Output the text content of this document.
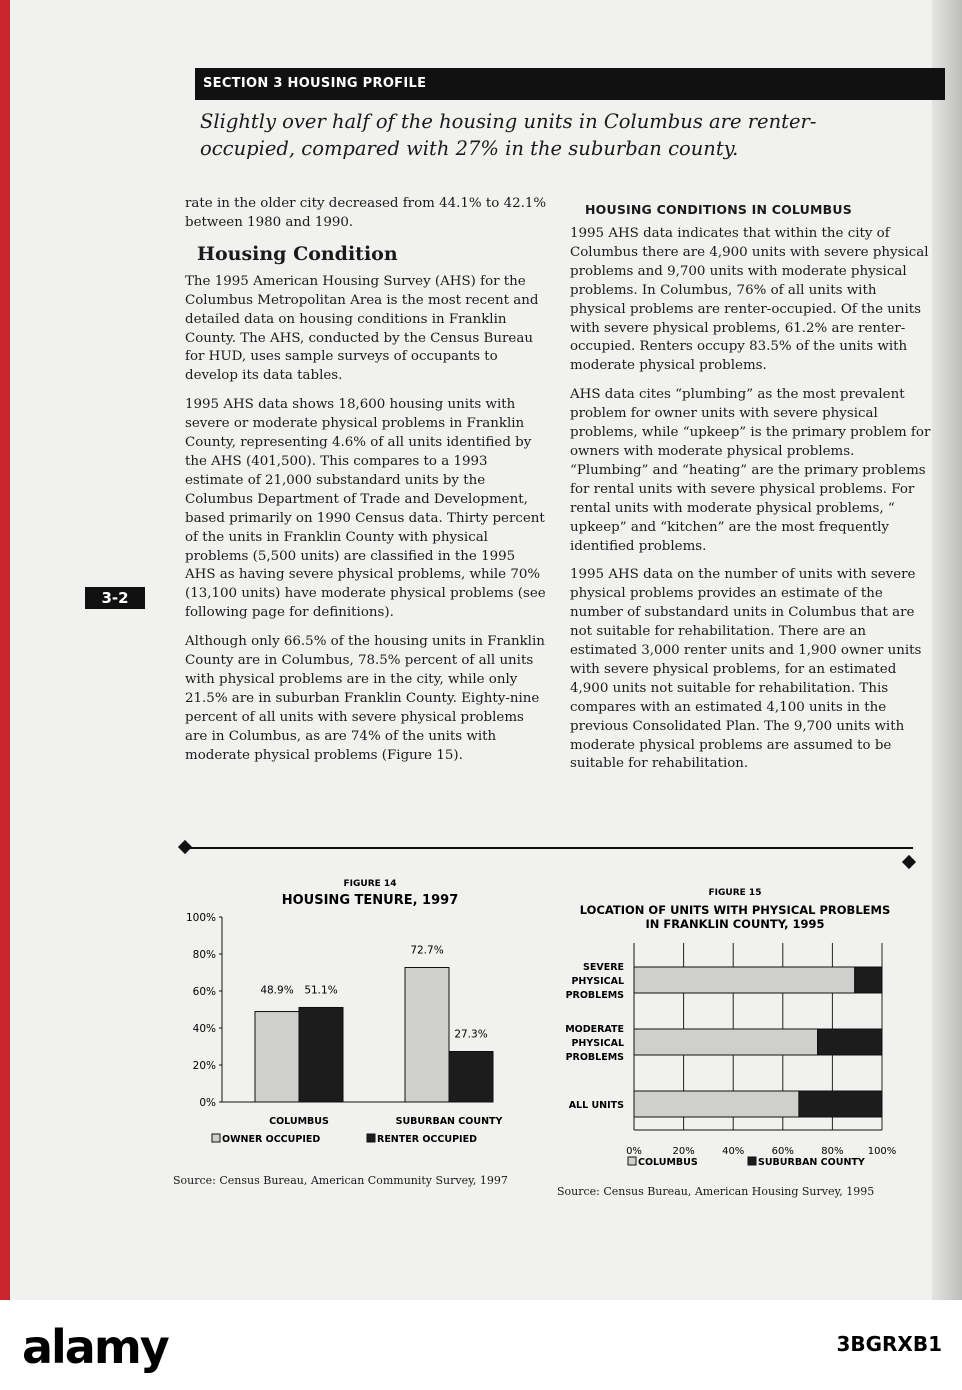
SECTION 3 HOUSING PROFILE
Slightly over half of the housing units in Columbus are renter-occupied, compared with 27% in the suburban county.

rate in the older city decreased from 44.1% to 42.1% between 1980 and 1990.

Housing Condition

The 1995 American Housing Survey (AHS) for the Columbus Metropolitan Area is the most recent and detailed data on housing conditions in Franklin County. The AHS, conducted by the Census Bureau for HUD, uses sample surveys of occupants to develop its data tables.

1995 AHS data shows 18,600 housing units with severe or moderate physical problems in Franklin County, representing 4.6% of all units identified by the AHS (401,500). This compares to a 1993 estimate of 21,000 substandard units by the Columbus Department of Trade and Development, based primarily on 1990 Census data. Thirty percent of the units in Franklin County with physical problems (5,500 units) are classified in the 1995 AHS as having severe physical problems, while 70% (13,100 units) have moderate physical problems (see following page for definitions).

Although only 66.5% of the housing units in Franklin County are in Columbus, 78.5% percent of all units with physical problems are in the city, while only 21.5% are in suburban Franklin County. Eighty-nine percent of all units with severe physical problems are in Columbus, as are 74% of the units with moderate physical problems (Figure 15).

HOUSING CONDITIONS IN COLUMBUS

1995 AHS data indicates that within the city of Columbus there are 4,900 units with severe physical problems and 9,700 units with moderate physical problems. In Columbus, 76% of all units with physical problems are renter-occupied. Of the units with severe physical problems, 61.2% are renter-occupied. Renters occupy 83.5% of the units with moderate physical problems.

AHS data cites “plumbing” as the most prevalent problem for owner units with severe physical problems, while “upkeep” is the primary problem for owners with moderate physical problems. “Plumbing” and “heating” are the primary problems for rental units with severe physical problems. For rental units with moderate physical problems, “ upkeep” and “kitchen” are the most frequently identified problems.

1995 AHS data on the number of units with severe physical problems provides an estimate of the number of substandard units in Columbus that are not suitable for rehabilitation. There are an estimated 3,000 renter units and 1,900 owner units with severe physical problems, for an estimated 4,900 units not suitable for rehabilitation. This compares with an estimated 4,100 units in the previous Consolidated Plan. The 9,700 units with moderate physical problems are assumed to be suitable for rehabilitation.

3-2
FIGURE 14
HOUSING TENURE, 1997
0%
20%
40%
60%
80%
100%
48.9% 51.1%
COLUMBUS
72.7%
27.3%
SUBURBAN COUNTY
OWNER OCCUPIED	RENTER OCCUPIED
Source: Census Bureau, American Community Survey, 1997
FIGURE 15
LOCATION OF UNITS WITH PHYSICAL PROBLEMS
IN FRANKLIN COUNTY, 1995
0%	20%	40%	60%	80% 100%
SEVERE
PHYSICAL
PROBLEMS
MODERATE
PHYSICAL
PROBLEMS
ALL UNITS
COLUMBUS	SUBURBAN COUNTY
Source: Census Bureau, American Housing Survey, 1995
alamy	3BGRXB1
